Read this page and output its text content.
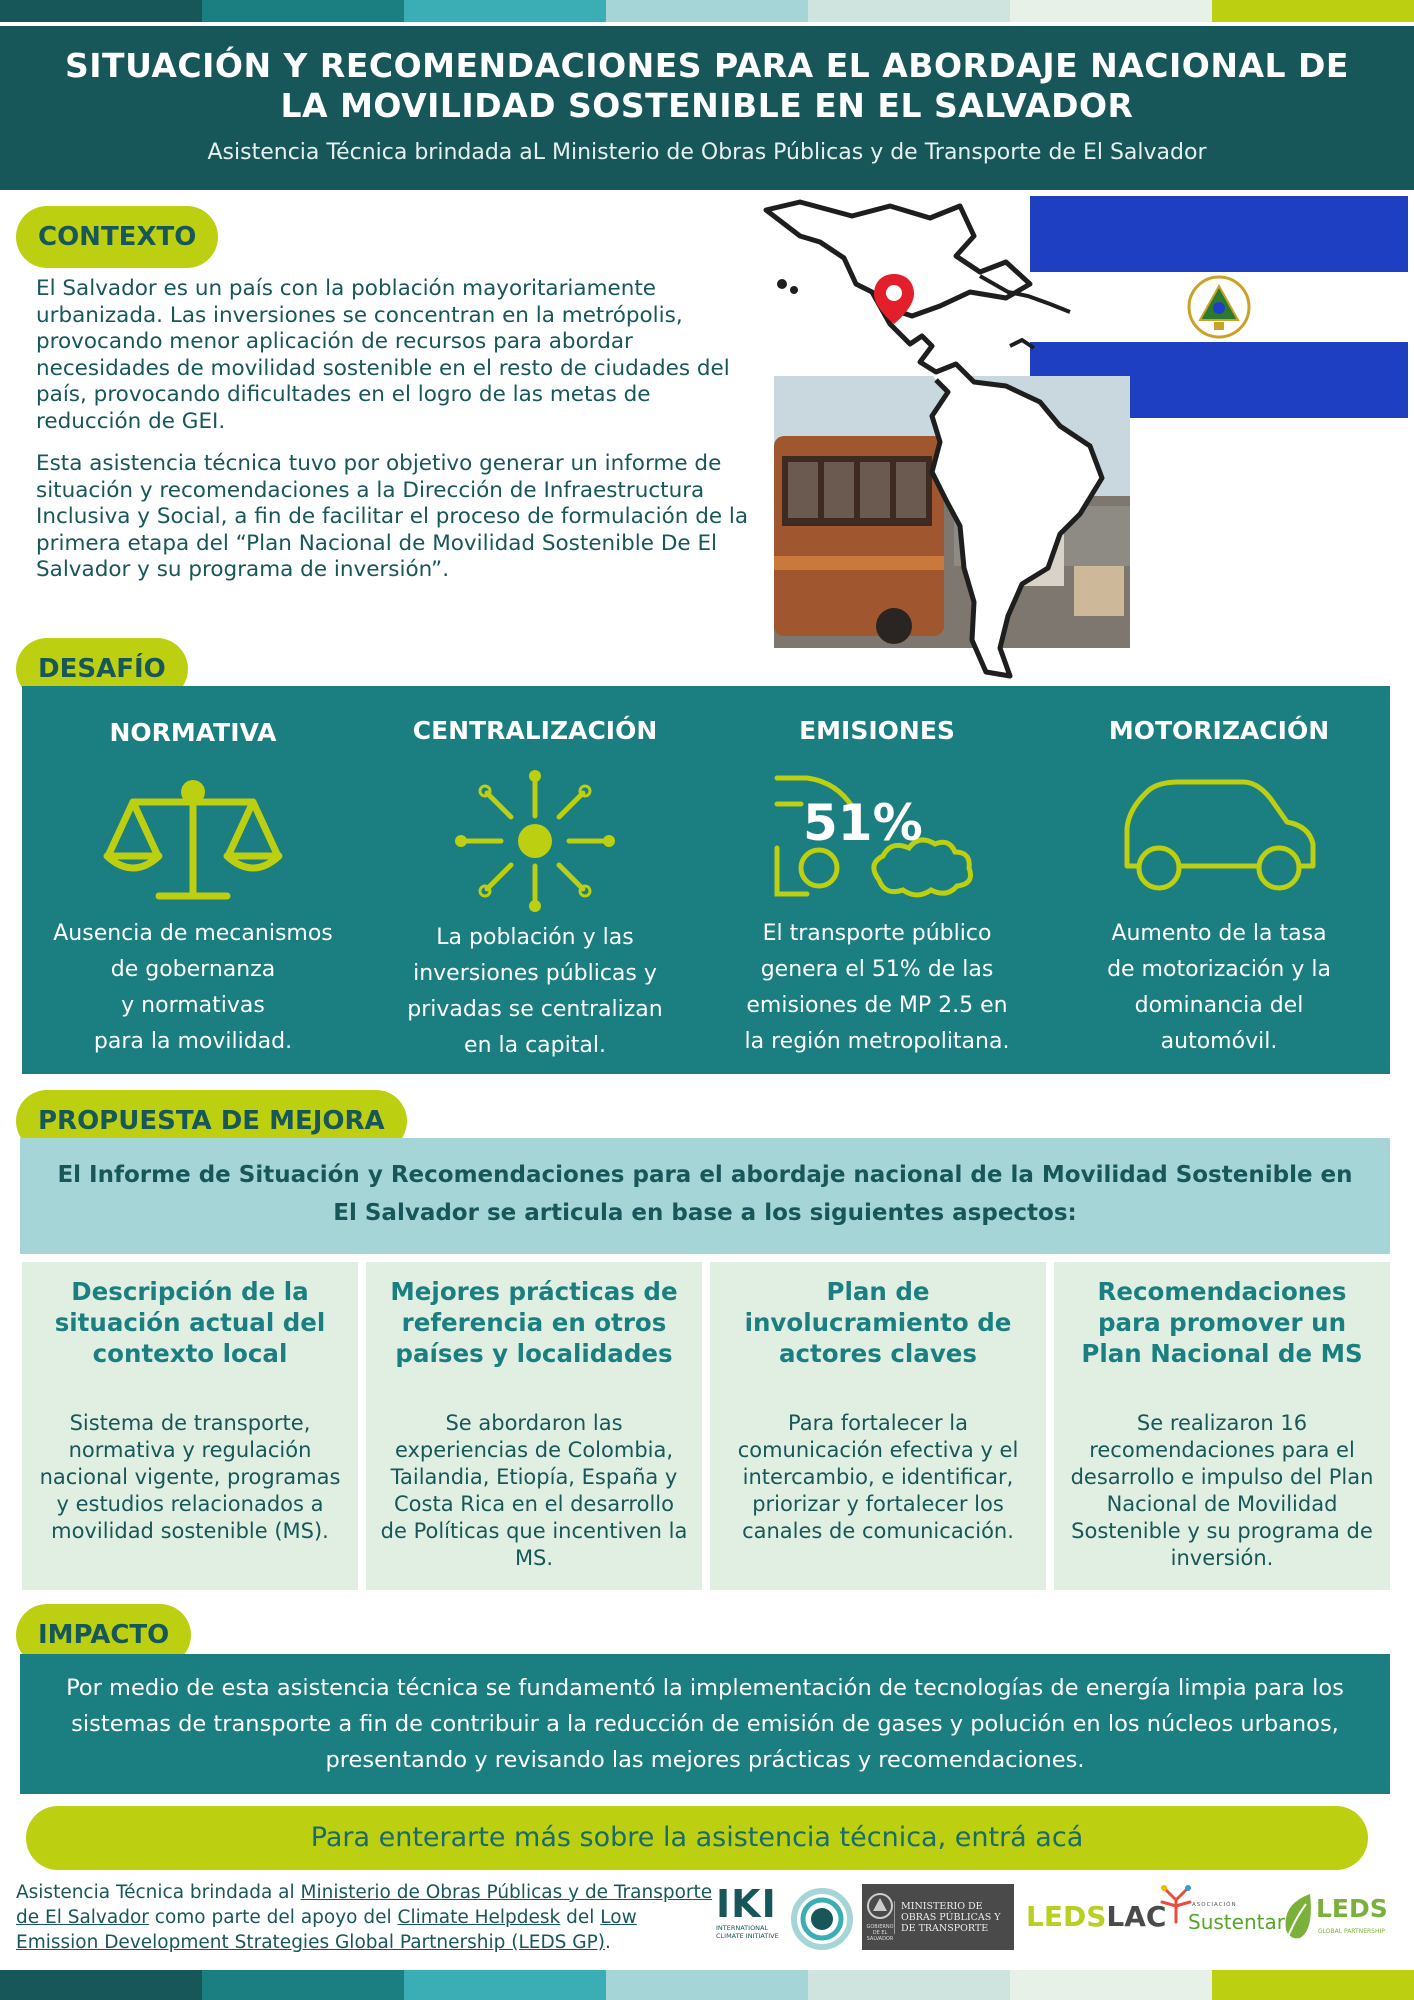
SITUACIÓN Y RECOMENDACIONES PARA EL ABORDAJE NACIONAL DE LA MOVILIDAD SOSTENIBLE EN EL SALVADOR
Asistencia Técnica brindada aL Ministerio de Obras Públicas y de Transporte de El Salvador
CONTEXTO

El Salvador es un país con la población mayoritariamente urbanizada. Las inversiones se concentran en la metrópolis, provocando menor aplicación de recursos para abordar necesidades de movilidad sostenible en el resto de ciudades del país, provocando dificultades en el logro de las metas de reducción de GEI.

Esta asistencia técnica tuvo por objetivo generar un informe de situación y recomendaciones a la Dirección de Infraestructura Inclusiva y Social, a fin de facilitar el proceso de formulación de la primera etapa del “Plan Nacional de Movilidad Sostenible De El Salvador y su programa de inversión”.

DESAFÍO
NORMATIVA
Ausencia de mecanismos
de gobernanza
y normativas
para la movilidad.
CENTRALIZACIÓN
La población y las
inversiones públicas y
privadas se centralizan
en la capital.
EMISIONES
51%
El transporte público
genera el 51% de las
emisiones de MP 2.5 en
la región metropolitana.
MOTORIZACIÓN
Aumento de la tasa
de motorización y la
dominancia del
automóvil.
PROPUESTA DE MEJORA
El Informe de Situación y Recomendaciones para el abordaje nacional de la Movilidad Sostenible en El Salvador se articula en base a los siguientes aspectos:
Descripción de la situación actual del contexto local
Sistema de transporte, normativa y regulación nacional vigente, programas y estudios relacionados a movilidad sostenible (MS).
Mejores prácticas de referencia en otros países y localidades
Se abordaron las experiencias de Colombia, Tailandia, Etiopía, España y Costa Rica en el desarrollo de Políticas que incentiven la MS.
Plan de involucramiento de actores claves
Para fortalecer la comunicación efectiva y el intercambio, e identificar, priorizar y fortalecer los canales de comunicación.
Recomendaciones para promover un Plan Nacional de MS
Se realizaron 16 recomendaciones para el desarrollo e impulso del Plan Nacional de Movilidad Sostenible y su programa de inversión.
IMPACTO
Por medio de esta asistencia técnica se fundamentó la implementación de tecnologías de energía limpia para los sistemas de transporte a fin de contribuir a la reducción de emisión de gases y polución en los núcleos urbanos, presentando y revisando las mejores prácticas y recomendaciones.
Para enterarte más sobre la asistencia técnica, entrá acá
Asistencia Técnica brindada al Ministerio de Obras Públicas y de Transporte de El Salvador como parte del apoyo del Climate Helpdesk del Low Emission Development Strategies Global Partnership (LEDS GP).
IKI
INTERNATIONAL CLIMATE INITIATIVE
GOBIERNO DE EL SALVADOR
MINISTERIO DE OBRAS PÚBLICAS Y DE TRANSPORTE	LEDSLAC	ASOCIACIÓN
Sustentar LEDS
GLOBAL PARTNERSHIP
